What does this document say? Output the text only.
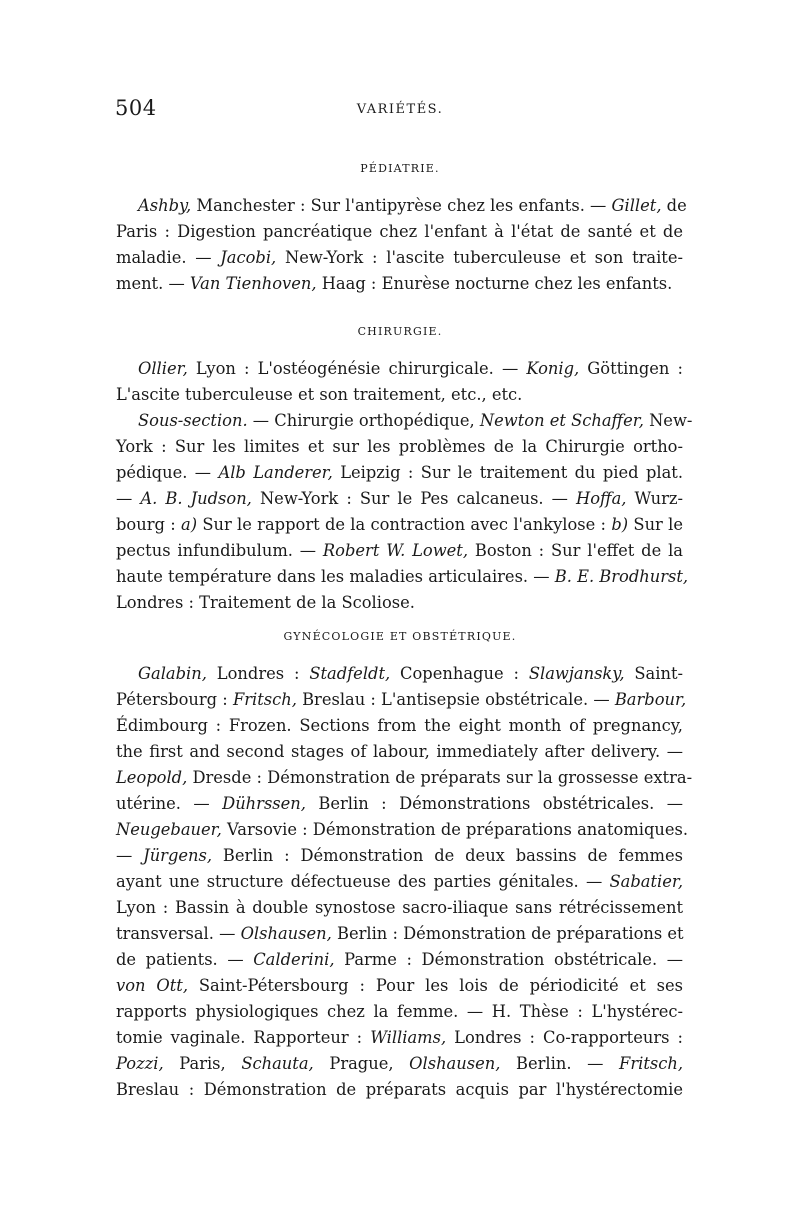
504	VARIÉTÉS.
PÉDIATRIE.
Ashby, Manchester : Sur l'antipyrèse chez les enfants. — Gillet, de
Paris : Digestion pancréatique chez l'enfant à l'état de santé et de
maladie. — Jacobi, New-York : l'ascite tuberculeuse et son traite-
ment. — Van Tienhoven, Haag : Enurèse nocturne chez les enfants.
CHIRURGIE.
Ollier, Lyon : L'ostéogénésie chirurgicale. — Konig, Göttingen :
L'ascite tuberculeuse et son traitement, etc., etc.
Sous-section. — Chirurgie orthopédique, Newton et Schaffer, New-
York : Sur les limites et sur les problèmes de la Chirurgie ortho-
pédique. — Alb Landerer, Leipzig : Sur le traitement du pied plat.
— A. B. Judson, New-York : Sur le Pes calcaneus. — Hoffa, Wurz-
bourg : a) Sur le rapport de la contraction avec l'ankylose : b) Sur le
pectus infundibulum. — Robert W. Lowet, Boston : Sur l'effet de la
haute température dans les maladies articulaires. — B. E. Brodhurst,
Londres : Traitement de la Scoliose.
GYNÉCOLOGIE ET OBSTÉTRIQUE.
Galabin, Londres : Stadfeldt, Copenhague : Slawjansky, Saint-
Pétersbourg : Fritsch, Breslau : L'antisepsie obstétricale. — Barbour,
Édimbourg : Frozen. Sections from the eight month of pregnancy,
the first and second stages of labour, immediately after delivery. —
Leopold, Dresde : Démonstration de préparats sur la grossesse extra-
utérine. — Dührssen, Berlin : Démonstrations obstétricales. —
Neugebauer, Varsovie : Démonstration de préparations anatomiques.
— Jürgens, Berlin : Démonstration de deux bassins de femmes
ayant une structure défectueuse des parties génitales. — Sabatier,
Lyon : Bassin à double synostose sacro-iliaque sans rétrécissement
transversal. — Olshausen, Berlin : Démonstration de préparations et
de patients. — Calderini, Parme : Démonstration obstétricale. —
von Ott, Saint-Pétersbourg : Pour les lois de périodicité et ses
rapports physiologiques chez la femme. — H. Thèse : L'hystérec-
tomie vaginale. Rapporteur : Williams, Londres : Co-rapporteurs :
Pozzi, Paris, Schauta, Prague, Olshausen, Berlin. — Fritsch,
Breslau : Démonstration de préparats acquis par l'hystérectomie
